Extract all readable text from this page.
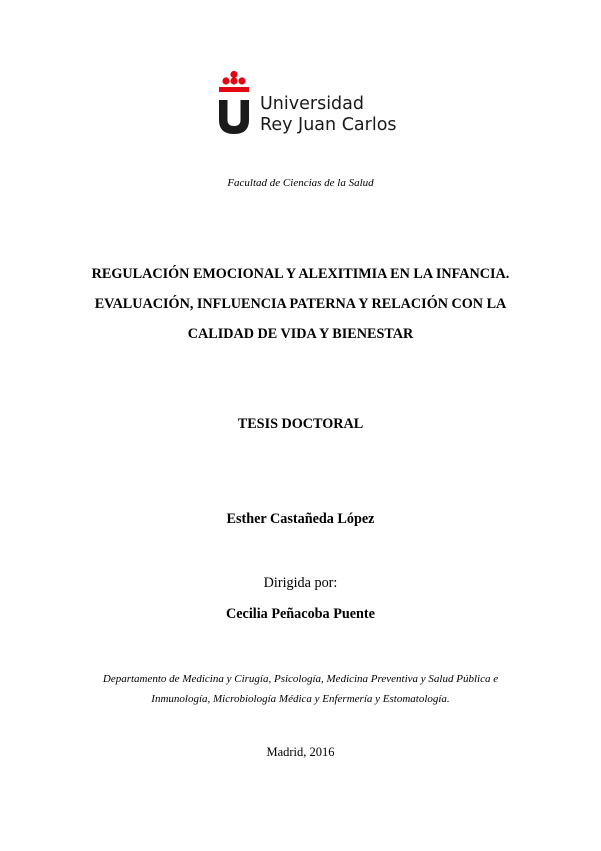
Universidad
Rey Juan Carlos
Facultad de Ciencias de la Salud
REGULACIÓN EMOCIONAL Y ALEXITIMIA EN LA INFANCIA.
EVALUACIÓN, INFLUENCIA PATERNA Y RELACIÓN CON LA
CALIDAD DE VIDA Y BIENESTAR
TESIS DOCTORAL
Esther Castañeda López
Dirigida por:
Cecilia Peñacoba Puente
Departamento de Medicina y Cirugía, Psicología, Medicina Preventiva y Salud Pública e
Inmunología, Microbiología Médica y Enfermería y Estomatología.
Madrid, 2016
